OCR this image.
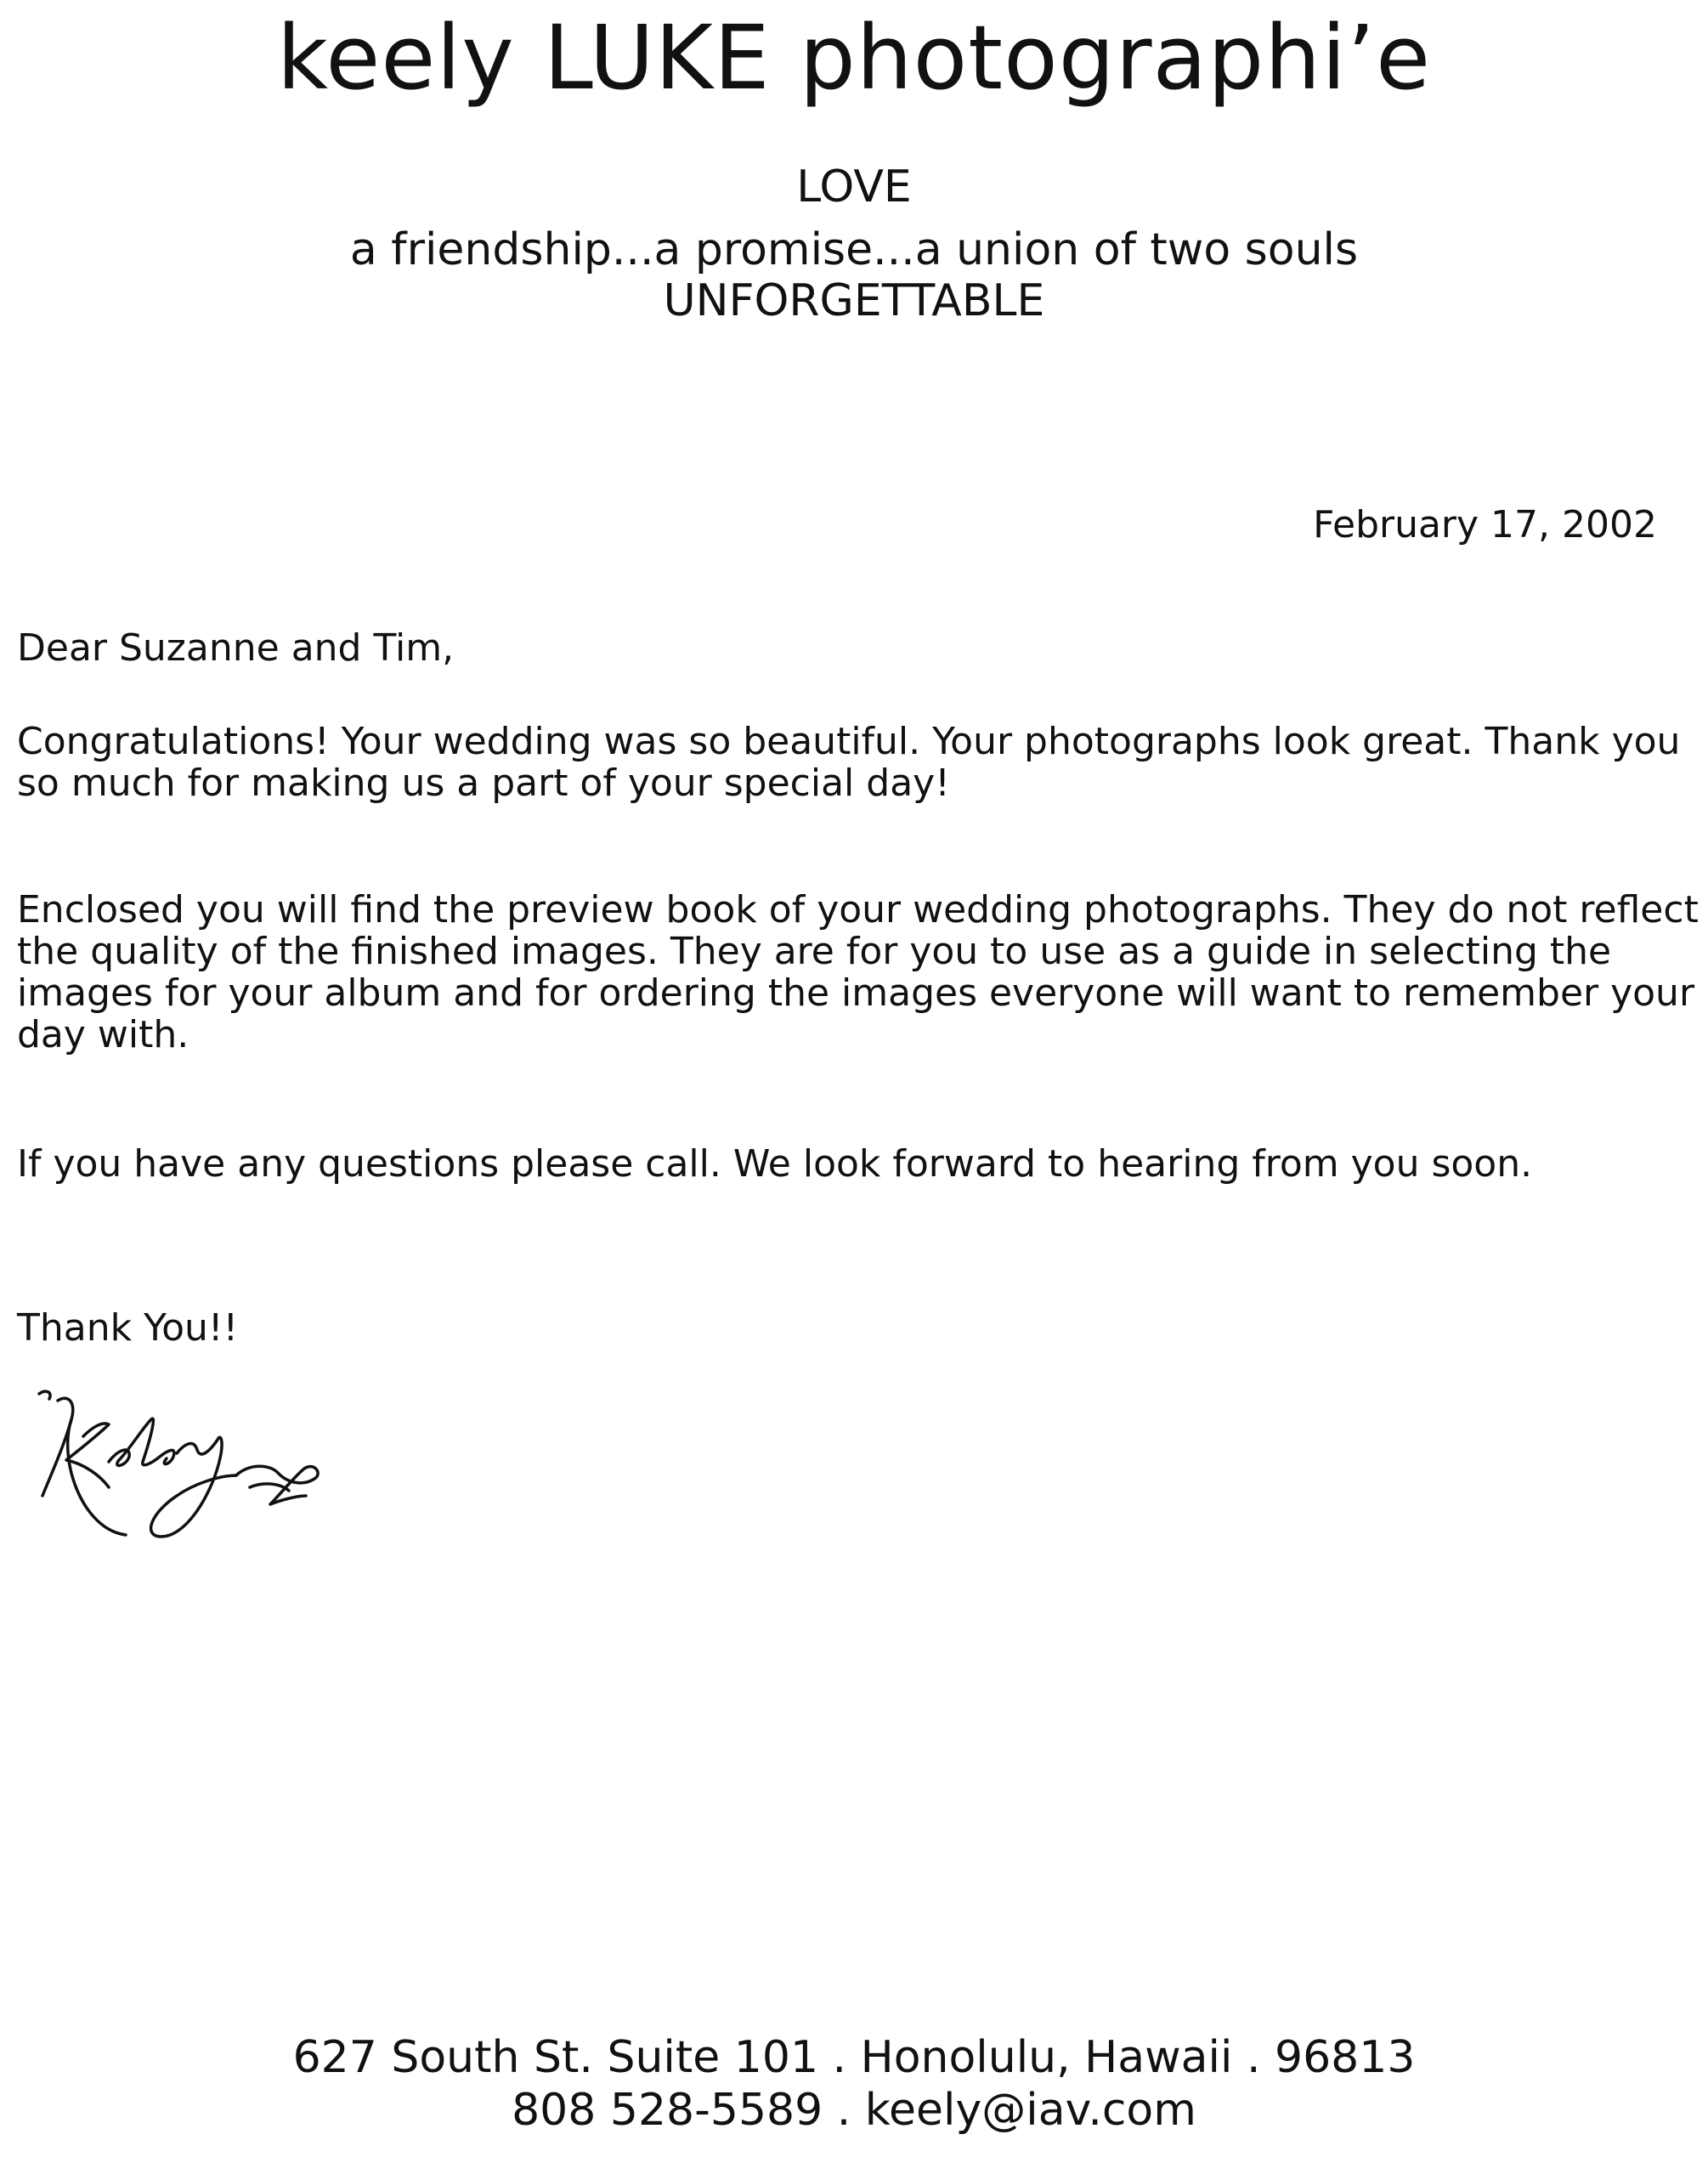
keely LUKE photographi’e
LOVE
a friendship...a promise...a union of two souls
UNFORGETTABLE
February 17, 2002

Dear Suzanne and Tim,

Congratulations! Your wedding was so beautiful. Your photographs look great. Thank you so much for making us a part of your special day!

Enclosed you will find the preview book of your wedding photographs. They do not reflect the quality of the finished images. They are for you to use as a guide in selecting the images for your album and for ordering the images everyone will want to remember your day with.

If you have any questions please call. We look forward to hearing from you soon.

Thank You!!

627 South St. Suite 101 . Honolulu, Hawaii . 96813
808 528-5589 . keely@iav.com
